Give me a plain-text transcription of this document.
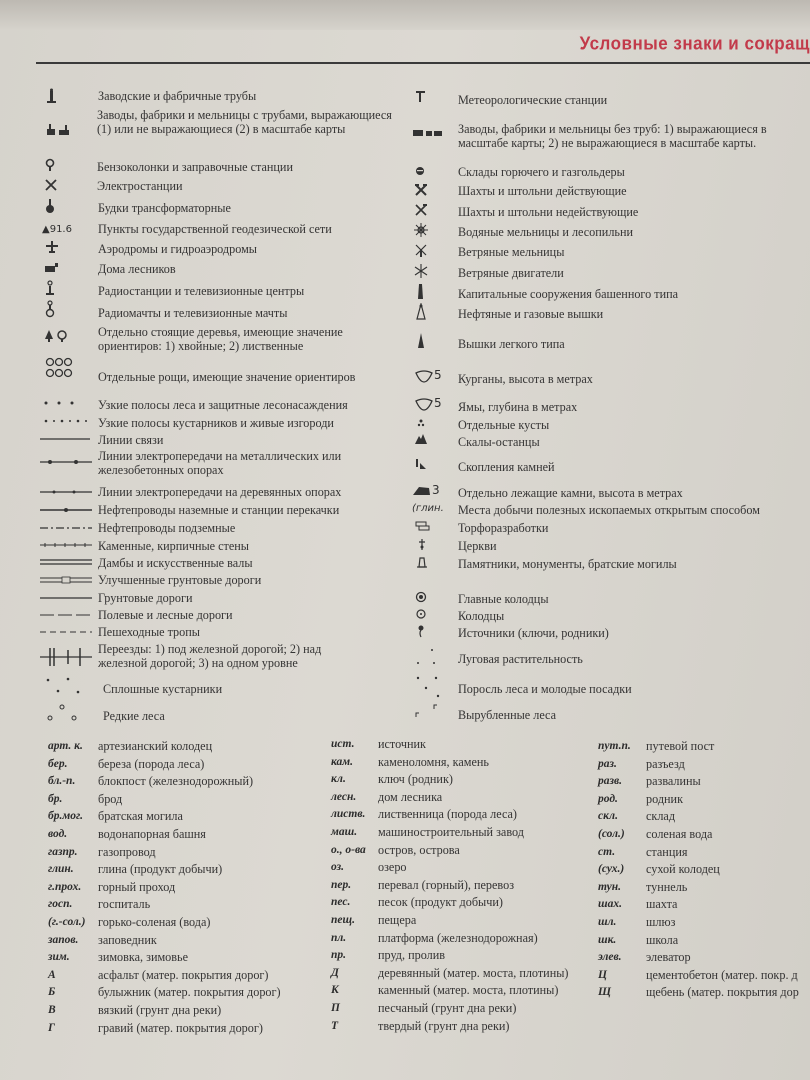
Условные знаки и сокращ
Заводские и фабричные трубы
Заводы, фабрики и мельницы с трубами, выражающиеся (1) или не выражающиеся (2) в масштабе карты
Бензоколонки и заправочные станции
Электростанции
Будки трансформаторные
▲91.6 Пункты государственной геодезической сети
Аэродромы и гидроаэродромы
Дома лесников
Радиостанции и телевизионные центры
Радиомачты и телевизионные мачты
Отдельно стоящие деревья, имеющие значение ориентиров: 1) хвойные; 2) лиственные
Отдельные рощи, имеющие значение ориентиров
Узкие полосы леса и защитные лесонасаждения
Узкие полосы кустарников и живые изгороди
Линии связи
Линии электропередачи на металлических или железобетонных опорах
Линии электропередачи на деревянных опорах
Нефтепроводы наземные и станции перекачки
Нефтепроводы подземные
Каменные, кирпичные стены
Дамбы и искусственные валы
Улучшенные грунтовые дороги
Грунтовые дороги
Полевые и лесные дороги
Пешеходные тропы
Переезды: 1) под железной дорогой; 2) над железной дорогой; 3) на одном уровне
Сплошные кустарники
Редкие леса
Метеорологические станции
Заводы, фабрики и мельницы без труб: 1) выражающиеся в масштабе карты; 2) не выражающиеся в масштабе карты.
Склады горючего и газгольдеры
Шахты и штольни действующие
Шахты и штольни недействующие
Водяные мельницы и лесопильни
Ветряные мельницы
Ветряные двигатели
Капитальные сооружения башенного типа
Нефтяные и газовые вышки
Вышки легкого типа
5 Курганы, высота в метрах
5 Ямы, глубина в метрах
Отдельные кусты
Скалы-останцы
Скопления камней
3 Отдельно лежащие камни, высота в метрах
(глин. Места добычи полезных ископаемых открытым способом
Торфоразработки
Церкви
Памятники, монументы, братские могилы
Главные колодцы
Колодцы
Источники (ключи, родники)
Луговая растительность
Поросль леса и молодые посадки
Вырубленные леса
арт. к. артезианский колодец
бер.	береза (порода леса)
бл.-п. блокпост (железнодорожный)
бр.	брод
бр.мог. братская могила
вод.	водонапорная башня
газпр. газопровод
глин. глина (продукт добычи)
г.прох. горный проход
госп. госпиталь
(г.-сол.) горько-соленая (вода)
запов. заповедник
зим. зимовка, зимовье
А	асфальт (матер. покрытия дорог)
Б	булыжник (матер. покрытия дорог)
В	вязкий (грунт дна реки)
Г	гравий (матер. покрытия дорог)
ист. источник
кам. каменоломня, камень
кл.	ключ (родник)
лесн. дом лесника
листв. лиственница (порода леса)
маш. машиностроительный завод
о., о-ва остров, острова
оз.	озеро
пер. перевал (горный), перевоз
пес. песок (продукт добычи)
пещ. пещера
пл.	платформа (железнодорожная)
пр.	пруд, пролив
Д	деревянный (матер. моста, плотины)
К	каменный (матер. моста, плотины)
П	песчаный (грунт дна реки)
Т	твердый (грунт дна реки)
пут.п. путевой пост
раз. разъезд
разв. развалины
род. родник
скл. склад
(сол.) соленая вода
ст.	станция
(сух.) сухой колодец
тун. туннель
шах. шахта
шл. шлюз
шк. школа
элев. элеватор
Ц	цементобетон (матер. покр. д
Щ	щебень (матер. покрытия дор
